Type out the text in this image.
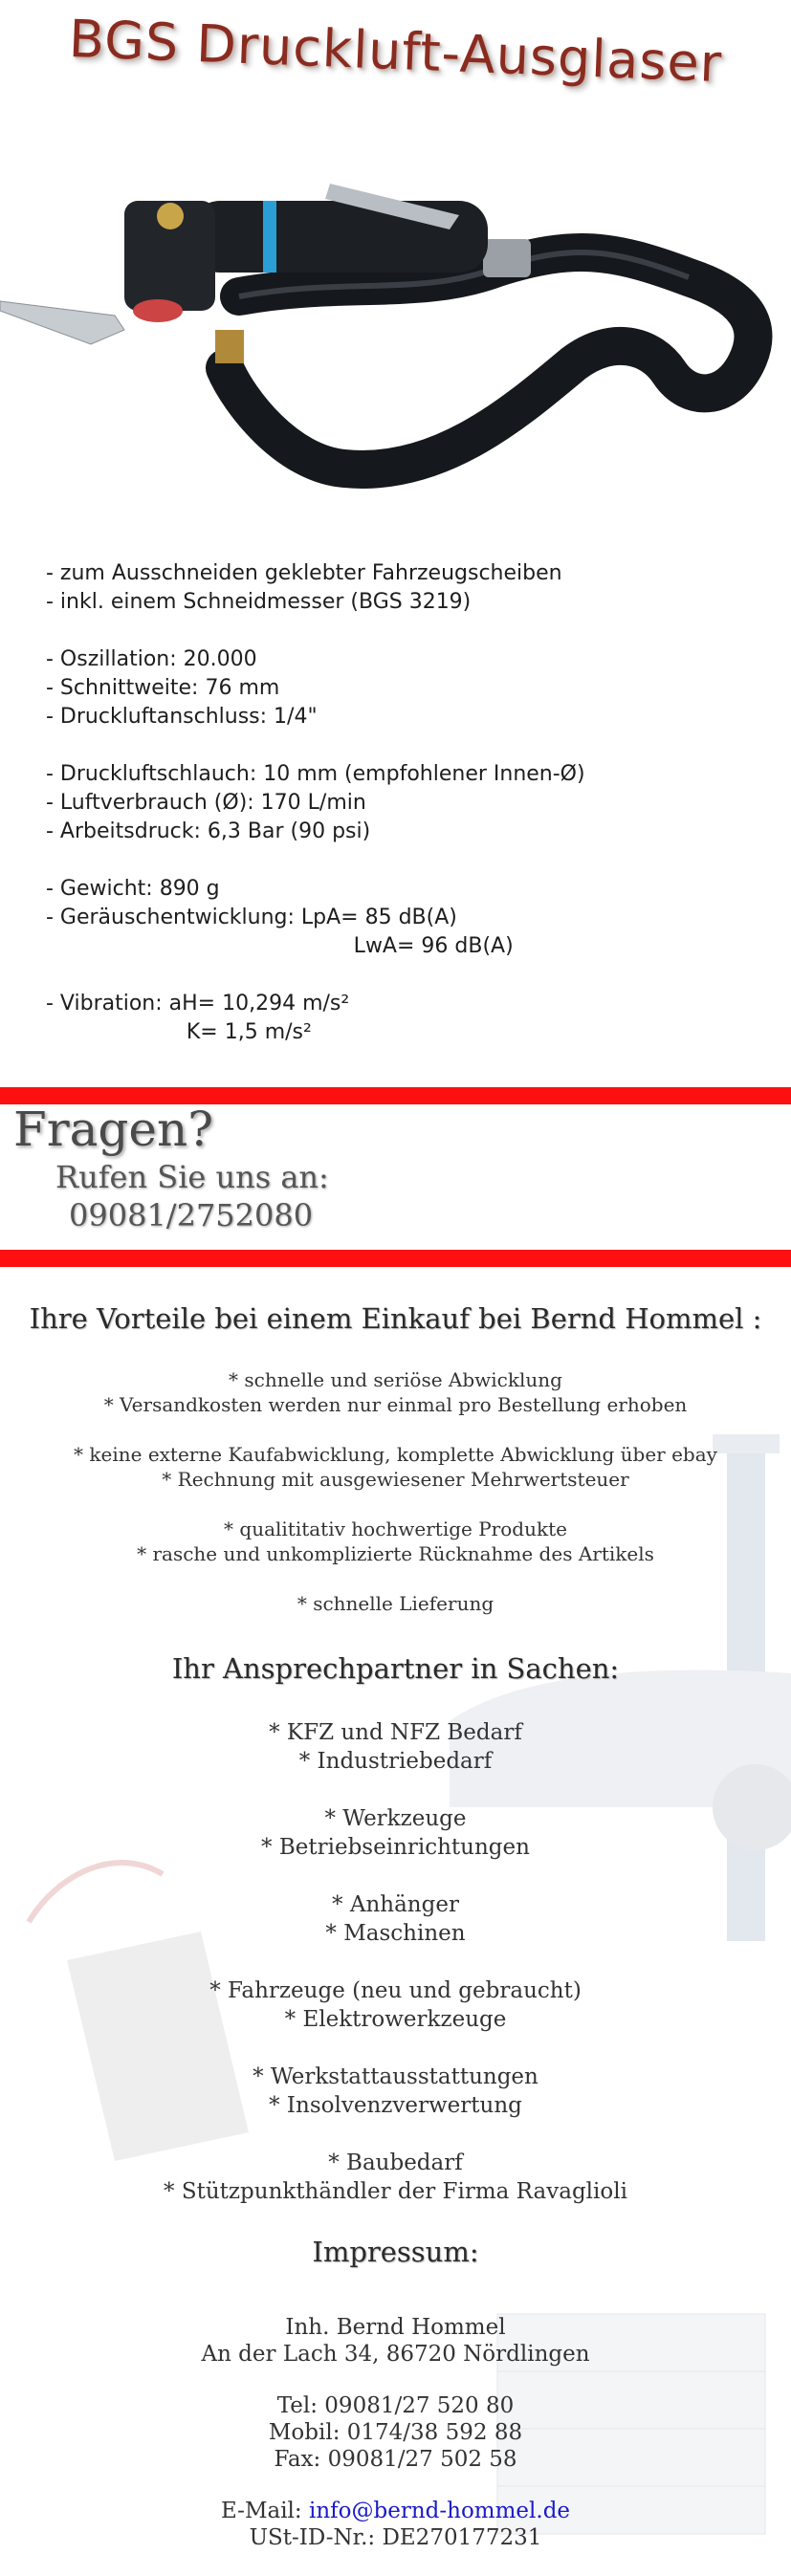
BGS Druckluft-Ausglaser
- zum Ausschneiden geklebter Fahrzeugscheiben
- inkl. einem Schneidmesser (BGS 3219)
- Oszillation: 20.000
- Schnittweite: 76 mm
- Druckluftanschluss: 1/4"
- Druckluftschlauch: 10 mm (empfohlener Innen-Ø)
- Luftverbrauch (Ø): 170 L/min
- Arbeitsdruck: 6,3 Bar (90 psi)
- Gewicht: 890 g
- Geräuschentwicklung: LpA= 85 dB(A)
LwA= 96 dB(A)
- Vibration: aH= 10,294 m/s²
K= 1,5 m/s²
Fragen?
Rufen Sie uns an:
09081/2752080
Ihre Vorteile bei einem Einkauf bei Bernd Hommel :
* schnelle und seriöse Abwicklung
* Versandkosten werden nur einmal pro Bestellung erhoben
* keine externe Kaufabwicklung, komplette Abwicklung über ebay
* Rechnung mit ausgewiesener Mehrwertsteuer
* qualititativ hochwertige Produkte
* rasche und unkomplizierte Rücknahme des Artikels
* schnelle Lieferung
Ihr Ansprechpartner in Sachen:
* KFZ und NFZ Bedarf
* Industriebedarf
* Werkzeuge
* Betriebseinrichtungen
* Anhänger
* Maschinen
* Fahrzeuge (neu und gebraucht)
* Elektrowerkzeuge
* Werkstattausstattungen
* Insolvenzverwertung
* Baubedarf
* Stützpunkthändler der Firma Ravaglioli
Impressum:
Inh. Bernd Hommel
An der Lach 34, 86720 Nördlingen
Tel: 09081/27 520 80
Mobil: 0174/38 592 88
Fax: 09081/27 502 58
E-Mail: info@bernd-hommel.de
USt-ID-Nr.: DE270177231
